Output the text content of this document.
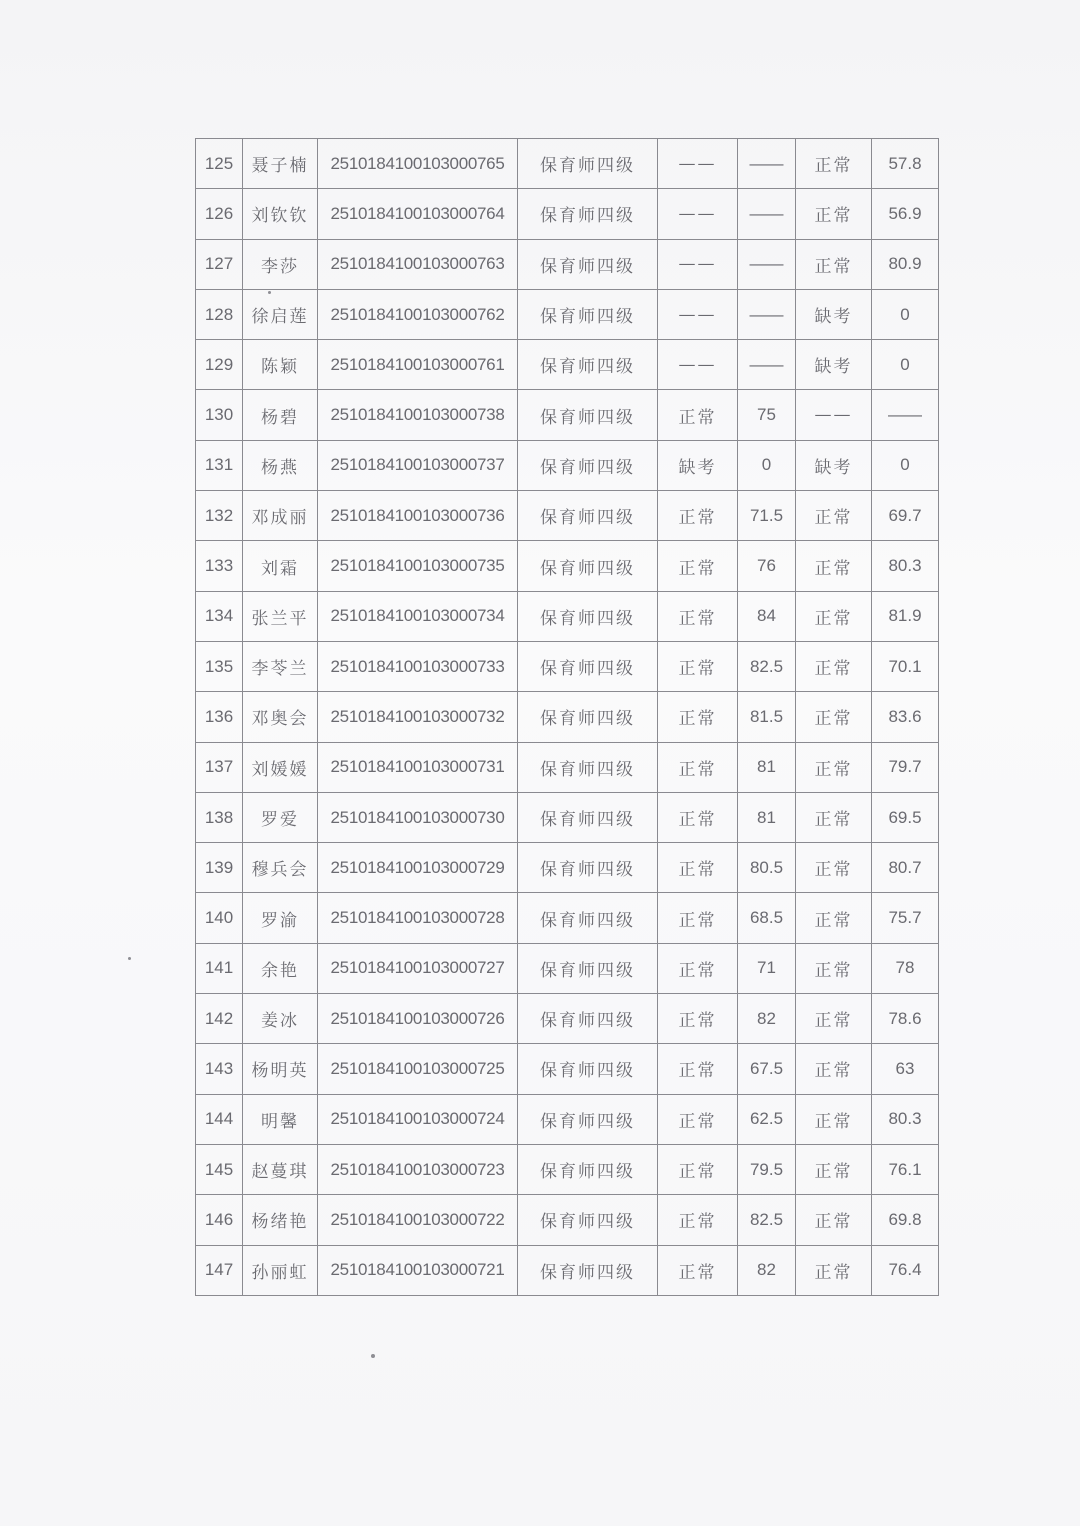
125	聂子楠	2510184100103000765	保育师四级	——	——	正常	57.8
126	刘钦钦	2510184100103000764	保育师四级	——	——	正常	56.9
127	李莎	2510184100103000763	保育师四级	——	——	正常	80.9
128	徐启莲	2510184100103000762	保育师四级	——	——	缺考	0
129	陈颖	2510184100103000761	保育师四级	——	——	缺考	0
130	杨碧	2510184100103000738	保育师四级	正常	75	——	——
131	杨燕	2510184100103000737	保育师四级	缺考	0	缺考	0
132	邓成丽	2510184100103000736	保育师四级	正常	71.5	正常	69.7
133	刘霜	2510184100103000735	保育师四级	正常	76	正常	80.3
134	张兰平	2510184100103000734	保育师四级	正常	84	正常	81.9
135	李苓兰	2510184100103000733	保育师四级	正常	82.5	正常	70.1
136	邓奥会	2510184100103000732	保育师四级	正常	81.5	正常	83.6
137	刘媛媛	2510184100103000731	保育师四级	正常	81	正常	79.7
138	罗爱	2510184100103000730	保育师四级	正常	81	正常	69.5
139	穆兵会	2510184100103000729	保育师四级	正常	80.5	正常	80.7
140	罗渝	2510184100103000728	保育师四级	正常	68.5	正常	75.7
141	余艳	2510184100103000727	保育师四级	正常	71	正常	78
142	姜冰	2510184100103000726	保育师四级	正常	82	正常	78.6
143	杨明英	2510184100103000725	保育师四级	正常	67.5	正常	63
144	明馨	2510184100103000724	保育师四级	正常	62.5	正常	80.3
145	赵蔓琪	2510184100103000723	保育师四级	正常	79.5	正常	76.1
146	杨绪艳	2510184100103000722	保育师四级	正常	82.5	正常	69.8
147	孙丽虹	2510184100103000721	保育师四级	正常	82	正常	76.4
